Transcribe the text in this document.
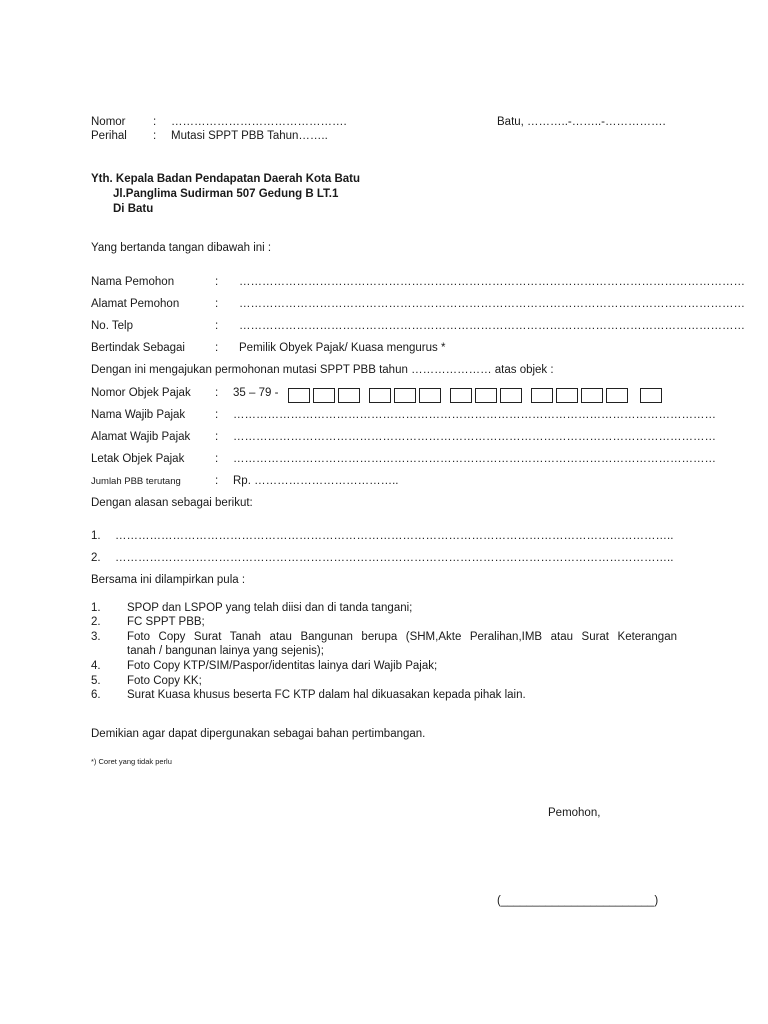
Nomor : ……………………………………….	Batu, ………..-……..-…………….
Perihal : Mutasi SPPT PBB Tahun……..
Yth. Kepala Badan Pendapatan Daerah Kota Batu
Jl.Panglima Sudirman 507 Gedung B LT.1
Di Batu
Yang bertanda tangan dibawah ini :
Nama Pemohon	: ……………………………………………………………………………………………………………………
Alamat Pemohon	: ……………………………………………………………………………………………………………………
No. Telp	: ……………………………………………………………………………………………………………………
Bertindak Sebagai	: Pemilik Obyek Pajak/ Kuasa mengurus *
Dengan ini mengajukan permohonan mutasi SPPT PBB tahun ………………… atas objek :
Nomor Objek Pajak : 35 – 79 -
Nama Wajib Pajak	: ………………………………………………………………………………………………………………
Alamat Wajib Pajak : ………………………………………………………………………………………………………………
Letak Objek Pajak	: ………………………………………………………………………………………………………………
Jumlah PBB terutang	: Rp. ………………………………..
Dengan alasan sebagai berikut:
1. ………………………………………………………………………………………………………………………………..
2. ………………………………………………………………………………………………………………………………..
Bersama ini dilampirkan pula :
1. SPOP dan LSPOP yang telah diisi dan di tanda tangani;
2. FC SPPT PBB;
3. Foto Copy Surat Tanah atau Bangunan berupa (SHM,Akte Peralihan,IMB atau Surat Keterangan
tanah / bangunan lainya yang sejenis);
4. Foto Copy KTP/SIM/Paspor/identitas lainya dari Wajib Pajak;
5. Foto Copy KK;
6. Surat Kuasa khusus beserta FC KTP dalam hal dikuasakan kepada pihak lain.
Demikian agar dapat dipergunakan sebagai bahan pertimbangan.
*) Coret yang tidak perlu
Pemohon,
(________________________)
